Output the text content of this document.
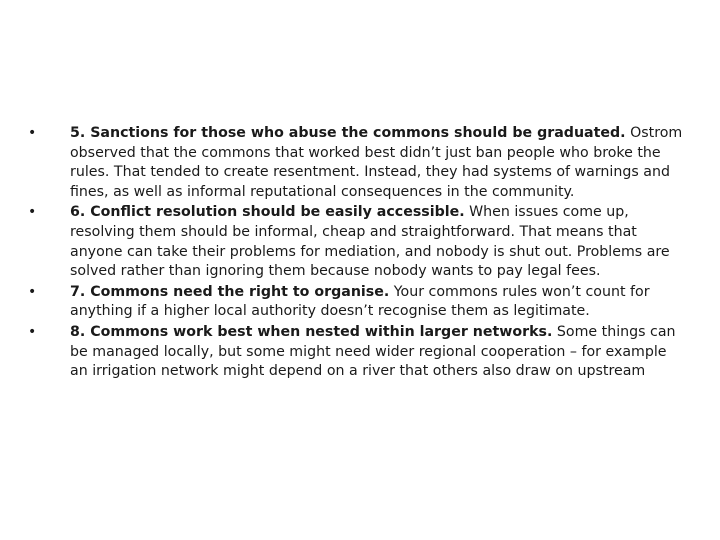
• 5. Sanctions for those who abuse the commons should be graduated. Ostrom observed that the commons that worked best didn’t just ban people who broke the rules. That tended to create resentment. Instead, they had systems of warnings and fines, as well as informal reputational consequences in the community.
• 6. Conflict resolution should be easily accessible. When issues come up, resolving them should be informal, cheap and straightforward. That means that anyone can take their problems for mediation, and nobody is shut out. Problems are solved rather than ignoring them because nobody wants to pay legal fees.
• 7. Commons need the right to organise. Your commons rules won’t count for anything if a higher local authority doesn’t recognise them as legitimate.
• 8. Commons work best when nested within larger networks. Some things can be managed locally, but some might need wider regional cooperation – for example an irrigation network might depend on a river that others also draw on upstream
